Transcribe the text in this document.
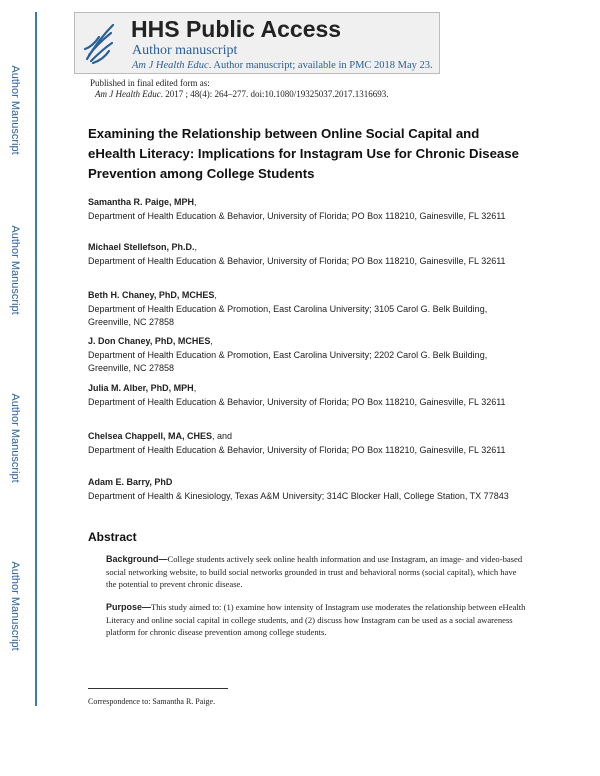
Author Manuscript
Author Manuscript
Author Manuscript
Author Manuscript
HHS Public Access
Author manuscript
Am J Health Educ. Author manuscript; available in PMC 2018 May 23.
Published in final edited form as:
Am J Health Educ. 2017 ; 48(4): 264–277. doi:10.1080/19325037.2017.1316693.
Examining the Relationship between Online Social Capital and eHealth Literacy: Implications for Instagram Use for Chronic Disease Prevention among College Students
Samantha R. Paige, MPH,
Department of Health Education & Behavior, University of Florida; PO Box 118210, Gainesville, FL 32611
Michael Stellefson, Ph.D.,
Department of Health Education & Behavior, University of Florida; PO Box 118210, Gainesville, FL 32611
Beth H. Chaney, PhD, MCHES,
Department of Health Education & Promotion, East Carolina University; 3105 Carol G. Belk Building, Greenville, NC 27858
J. Don Chaney, PhD, MCHES,
Department of Health Education & Promotion, East Carolina University; 2202 Carol G. Belk Building, Greenville, NC 27858
Julia M. Alber, PhD, MPH,
Department of Health Education & Behavior, University of Florida; PO Box 118210, Gainesville, FL 32611
Chelsea Chappell, MA, CHES, and
Department of Health Education & Behavior, University of Florida; PO Box 118210, Gainesville, FL 32611
Adam E. Barry, PhD
Department of Health & Kinesiology, Texas A&M University; 314C Blocker Hall, College Station, TX 77843
Abstract
Background—College students actively seek online health information and use Instagram, an image- and video-based social networking website, to build social networks grounded in trust and behavioral norms (social capital), which have the potential to prevent chronic disease.
Purpose—This study aimed to: (1) examine how intensity of Instagram use moderates the relationship between eHealth Literacy and online social capital in college students, and (2) discuss how Instagram can be used as a social awareness platform for chronic disease prevention among college students.
Correspondence to: Samantha R. Paige.
